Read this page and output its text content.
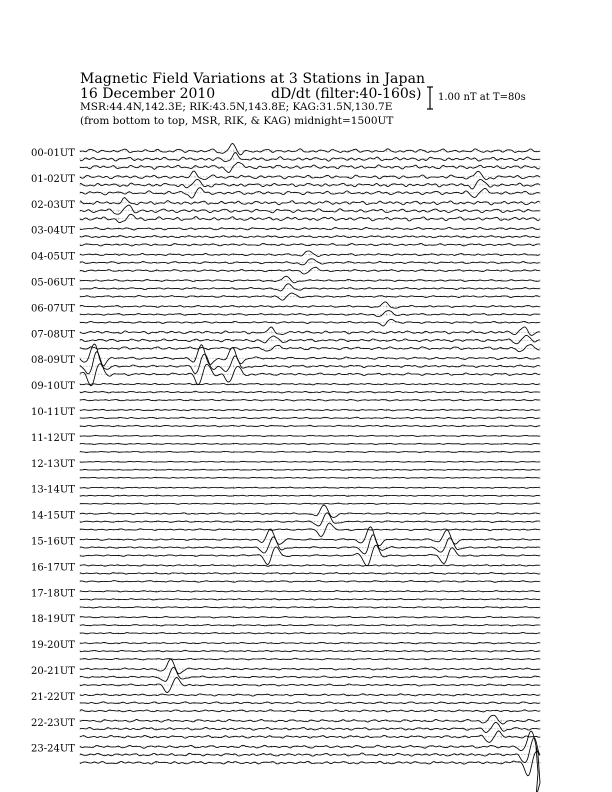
Magnetic Field Variations at 3 Stations in Japan
16 December 2010	dD/dt (filter:40-160s)
MSR:44.4N,142.3E; RIK:43.5N,143.8E; KAG:31.5N,130.7E
(from bottom to top, MSR, RIK, & KAG) midnight=1500UT
1.00 nT at T=80s
00-01UT
01-02UT
02-03UT
03-04UT
04-05UT
05-06UT
06-07UT
07-08UT
08-09UT
09-10UT
10-11UT
11-12UT
12-13UT
13-14UT
14-15UT
15-16UT
16-17UT
17-18UT
18-19UT
19-20UT
20-21UT
21-22UT
22-23UT
23-24UT
